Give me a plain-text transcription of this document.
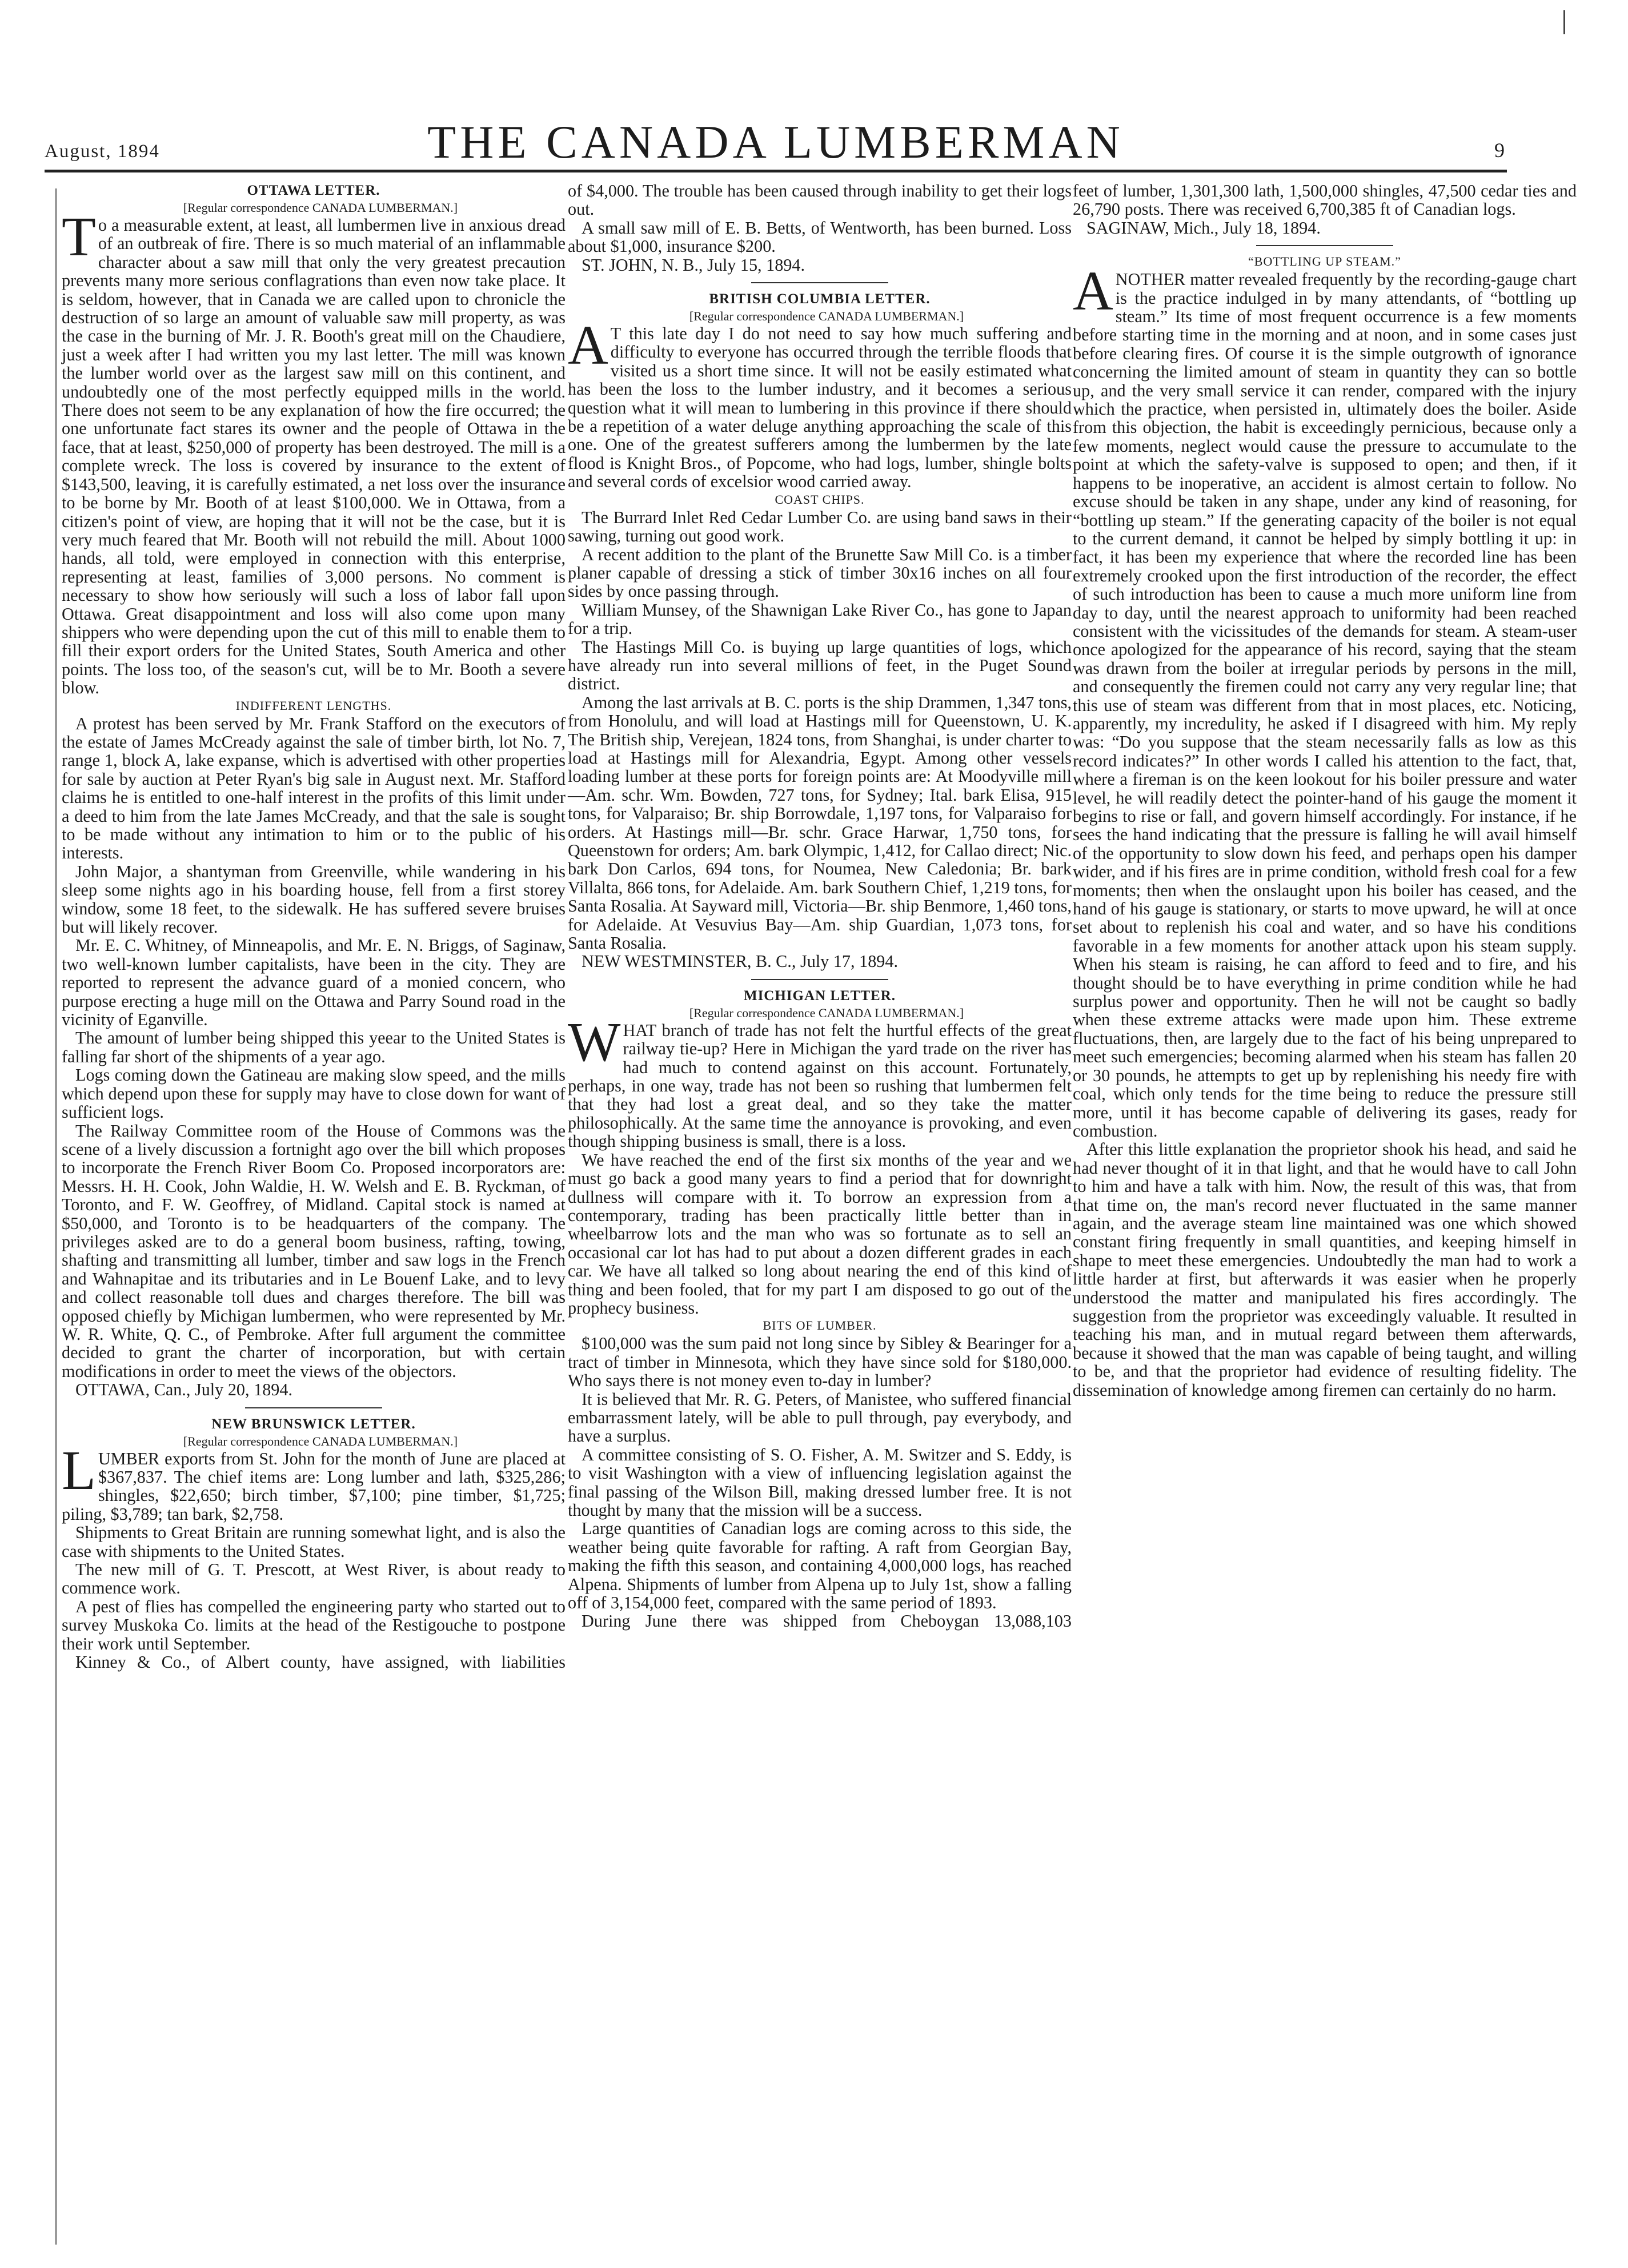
August, 1894	THE CANADA LUMBERMAN	9
OTTAWA LETTER.

[Regular correspondence CANADA LUMBERMAN.]

To a measurable extent, at least, all lumbermen live in anxious dread of an outbreak of fire. There is so much material of an inflammable character about a saw mill that only the very greatest precaution prevents many more serious conflagrations than even now take place. It is seldom, however, that in Canada we are called upon to chronicle the destruction of so large an amount of valuable saw mill property, as was the case in the burning of Mr. J. R. Booth's great mill on the Chaudiere, just a week after I had written you my last letter. The mill was known the lumber world over as the largest saw mill on this continent, and undoubtedly one of the most perfectly equipped mills in the world. There does not seem to be any explanation of how the fire occurred; the one unfortunate fact stares its owner and the people of Ottawa in the face, that at least, $250,000 of property has been destroyed. The mill is a complete wreck. The loss is covered by insurance to the extent of $143,500, leaving, it is carefully estimated, a net loss over the insurance to be borne by Mr. Booth of at least $100,000. We in Ottawa, from a citizen's point of view, are hoping that it will not be the case, but it is very much feared that Mr. Booth will not rebuild the mill. About 1000 hands, all told, were employed in connection with this enterprise, representing at least, families of 3,000 persons. No comment is necessary to show how seriously will such a loss of labor fall upon Ottawa. Great disappointment and loss will also come upon many shippers who were depending upon the cut of this mill to enable them to fill their export orders for the United States, South America and other points. The loss too, of the season's cut, will be to Mr. Booth a severe blow.

INDIFFERENT LENGTHS.

A protest has been served by Mr. Frank Stafford on the executors of the estate of James McCready against the sale of timber birth, lot No. 7, range 1, block A, lake expanse, which is advertised with other properties for sale by auction at Peter Ryan's big sale in August next. Mr. Stafford claims he is entitled to one-half interest in the profits of this limit under a deed to him from the late James McCready, and that the sale is sought to be made without any intimation to him or to the public of his interests.

John Major, a shantyman from Greenville, while wandering in his sleep some nights ago in his boarding house, fell from a first storey window, some 18 feet, to the sidewalk. He has suffered severe bruises but will likely recover.

Mr. E. C. Whitney, of Minneapolis, and Mr. E. N. Briggs, of Saginaw, two well-known lumber capitalists, have been in the city. They are reported to represent the advance guard of a monied concern, who purpose erecting a huge mill on the Ottawa and Parry Sound road in the vicinity of Eganville.

The amount of lumber being shipped this yeear to the United States is falling far short of the shipments of a year ago.

Logs coming down the Gatineau are making slow speed, and the mills which depend upon these for supply may have to close down for want of sufficient logs.

The Railway Committee room of the House of Commons was the scene of a lively discussion a fortnight ago over the bill which proposes to incorporate the French River Boom Co. Proposed incorporators are: Messrs. H. H. Cook, John Waldie, H. W. Welsh and E. B. Ryckman, of Toronto, and F. W. Geoffrey, of Midland. Capital stock is named at $50,000, and Toronto is to be headquarters of the company. The privileges asked are to do a general boom business, rafting, towing, shafting and transmitting all lumber, timber and saw logs in the French and Wahnapitae and its tributaries and in Le Bouenf Lake, and to levy and collect reasonable toll dues and charges therefore. The bill was opposed chiefly by Michigan lumbermen, who were represented by Mr. W. R. White, Q. C., of Pembroke. After full argument the committee decided to grant the charter of incorporation, but with certain modifications in order to meet the views of the objectors.

OTTAWA, Can., July 20, 1894.

NEW BRUNSWICK LETTER.

[Regular correspondence CANADA LUMBERMAN.]

LUMBER exports from St. John for the month of June are placed at $367,837. The chief items are: Long lumber and lath, $325,286; shingles, $22,650; birch timber, $7,100; pine timber, $1,725; piling, $3,789; tan bark, $2,758.

Shipments to Great Britain are running somewhat light, and is also the case with shipments to the United States.

The new mill of G. T. Prescott, at West River, is about ready to commence work.

A pest of flies has compelled the engineering party who started out to survey Muskoka Co. limits at the head of the Restigouche to postpone their work until September.

Kinney & Co., of Albert county, have assigned, with liabilities

of $4,000. The trouble has been caused through inability to get their logs out.

A small saw mill of E. B. Betts, of Wentworth, has been burned. Loss about $1,000, insurance $200.

ST. JOHN, N. B., July 15, 1894.

BRITISH COLUMBIA LETTER.

[Regular correspondence CANADA LUMBERMAN.]

A T this late day I do not need to say how much suffering and difficulty to everyone has occurred through the terrible floods that visited us a short time since. It will not be easily estimated what has been the loss to the lumber industry, and it becomes a serious question what it will mean to lumbering in this province if there should be a repetition of a water deluge anything approaching the scale of this one. One of the greatest sufferers among the lumbermen by the late flood is Knight Bros., of Popcome, who had logs, lumber, shingle bolts and several cords of excelsior wood carried away.

COAST CHIPS.

The Burrard Inlet Red Cedar Lumber Co. are using band saws in their sawing, turning out good work.

A recent addition to the plant of the Brunette Saw Mill Co. is a timber planer capable of dressing a stick of timber 30x16 inches on all four sides by once passing through.

William Munsey, of the Shawnigan Lake River Co., has gone to Japan for a trip.

The Hastings Mill Co. is buying up large quantities of logs, which have already run into several millions of feet, in the Puget Sound district.

Among the last arrivals at B. C. ports is the ship Drammen, 1,347 tons, from Honolulu, and will load at Hastings mill for Queenstown, U. K. The British ship, Verejean, 1824 tons, from Shanghai, is under charter to load at Hastings mill for Alexandria, Egypt. Among other vessels loading lumber at these ports for foreign points are: At Moodyville mill—Am. schr. Wm. Bowden, 727 tons, for Sydney; Ital. bark Elisa, 915 tons, for Valparaiso; Br. ship Borrowdale, 1,197 tons, for Valparaiso for orders. At Hastings mill—Br. schr. Grace Harwar, 1,750 tons, for Queenstown for orders; Am. bark Olympic, 1,412, for Callao direct; Nic. bark Don Carlos, 694 tons, for Noumea, New Caledonia; Br. bark Villalta, 866 tons, for Adelaide. Am. bark Southern Chief, 1,219 tons, for Santa Rosalia. At Sayward mill, Victoria—Br. ship Benmore, 1,460 tons, for Adelaide. At Vesuvius Bay—Am. ship Guardian, 1,073 tons, for Santa Rosalia.

NEW WESTMINSTER, B. C., July 17, 1894.

MICHIGAN LETTER.

[Regular correspondence CANADA LUMBERMAN.]

WHAT branch of trade has not felt the hurtful effects of the great railway tie-up? Here in Michigan the yard trade on the river has had much to contend against on this account. Fortunately, perhaps, in one way, trade has not been so rushing that lumbermen felt that they had lost a great deal, and so they take the matter philosophically. At the same time the annoyance is provoking, and even though shipping business is small, there is a loss.

We have reached the end of the first six months of the year and we must go back a good many years to find a period that for downright dullness will compare with it. To borrow an expression from a contemporary, trading has been practically little better than in wheelbarrow lots and the man who was so fortunate as to sell an occasional car lot has had to put about a dozen different grades in each car. We have all talked so long about nearing the end of this kind of thing and been fooled, that for my part I am disposed to go out of the prophecy business.

BITS OF LUMBER.

$100,000 was the sum paid not long since by Sibley & Bearinger for a tract of timber in Minnesota, which they have since sold for $180,000. Who says there is not money even to-day in lumber?

It is believed that Mr. R. G. Peters, of Manistee, who suffered financial embarrassment lately, will be able to pull through, pay everybody, and have a surplus.

A committee consisting of S. O. Fisher, A. M. Switzer and S. Eddy, is to visit Washington with a view of influencing legislation against the final passing of the Wilson Bill, making dressed lumber free. It is not thought by many that the mission will be a success.

Large quantities of Canadian logs are coming across to this side, the weather being quite favorable for rafting. A raft from Georgian Bay, making the fifth this season, and containing 4,000,000 logs, has reached Alpena. Shipments of lumber from Alpena up to July 1st, show a falling off of 3,154,000 feet, compared with the same period of 1893.

During June there was shipped from Cheboygan 13,088,103

feet of lumber, 1,301,300 lath, 1,500,000 shingles, 47,500 cedar ties and 26,790 posts. There was received 6,700,385 ft of Canadian logs.

SAGINAW, Mich., July 18, 1894.

“BOTTLING UP STEAM.”

ANOTHER matter revealed frequently by the recording-gauge chart is the practice indulged in by many attendants, of “bottling up steam.” Its time of most frequent occurrence is a few moments before starting time in the morning and at noon, and in some cases just before clearing fires. Of course it is the simple outgrowth of ignorance concerning the limited amount of steam in quantity they can so bottle up, and the very small service it can render, compared with the injury which the practice, when persisted in, ultimately does the boiler. Aside from this objection, the habit is exceedingly pernicious, because only a few moments, neglect would cause the pressure to accumulate to the point at which the safety-valve is supposed to open; and then, if it happens to be inoperative, an accident is almost certain to follow. No excuse should be taken in any shape, under any kind of reasoning, for “bottling up steam.” If the generating capacity of the boiler is not equal to the current demand, it cannot be helped by simply bottling it up: in fact, it has been my experience that where the recorded line has been extremely crooked upon the first introduction of the recorder, the effect of such introduction has been to cause a much more uniform line from day to day, until the nearest approach to uniformity had been reached consistent with the vicissitudes of the demands for steam. A steam-user once apologized for the appearance of his record, saying that the steam was drawn from the boiler at irregular periods by persons in the mill, and consequently the firemen could not carry any very regular line; that this use of steam was different from that in most places, etc. Noticing, apparently, my incredulity, he asked if I disagreed with him. My reply was: “Do you suppose that the steam necessarily falls as low as this record indicates?” In other words I called his attention to the fact, that, where a fireman is on the keen lookout for his boiler pressure and water level, he will readily detect the pointer-hand of his gauge the moment it begins to rise or fall, and govern himself accordingly. For instance, if he sees the hand indicating that the pressure is falling he will avail himself of the opportunity to slow down his feed, and perhaps open his damper wider, and if his fires are in prime condition, withold fresh coal for a few moments; then when the onslaught upon his boiler has ceased, and the hand of his gauge is stationary, or starts to move upward, he will at once set about to replenish his coal and water, and so have his conditions favorable in a few moments for another attack upon his steam supply. When his steam is raising, he can afford to feed and to fire, and his thought should be to have everything in prime condition while he had surplus power and opportunity. Then he will not be caught so badly when these extreme attacks were made upon him. These extreme fluctuations, then, are largely due to the fact of his being unprepared to meet such emergencies; becoming alarmed when his steam has fallen 20 or 30 pounds, he attempts to get up by replenishing his needy fire with coal, which only tends for the time being to reduce the pressure still more, until it has become capable of delivering its gases, ready for combustion.

After this little explanation the proprietor shook his head, and said he had never thought of it in that light, and that he would have to call John to him and have a talk with him. Now, the result of this was, that from that time on, the man's record never fluctuated in the same manner again, and the average steam line maintained was one which showed constant firing frequently in small quantities, and keeping himself in shape to meet these emergencies. Undoubtedly the man had to work a little harder at first, but afterwards it was easier when he properly understood the matter and manipulated his fires accordingly. The suggestion from the proprietor was exceedingly valuable. It resulted in teaching his man, and in mutual regard between them afterwards, because it showed that the man was capable of being taught, and willing to be, and that the proprietor had evidence of resulting fidelity. The dissemination of knowledge among firemen can certainly do no harm.
